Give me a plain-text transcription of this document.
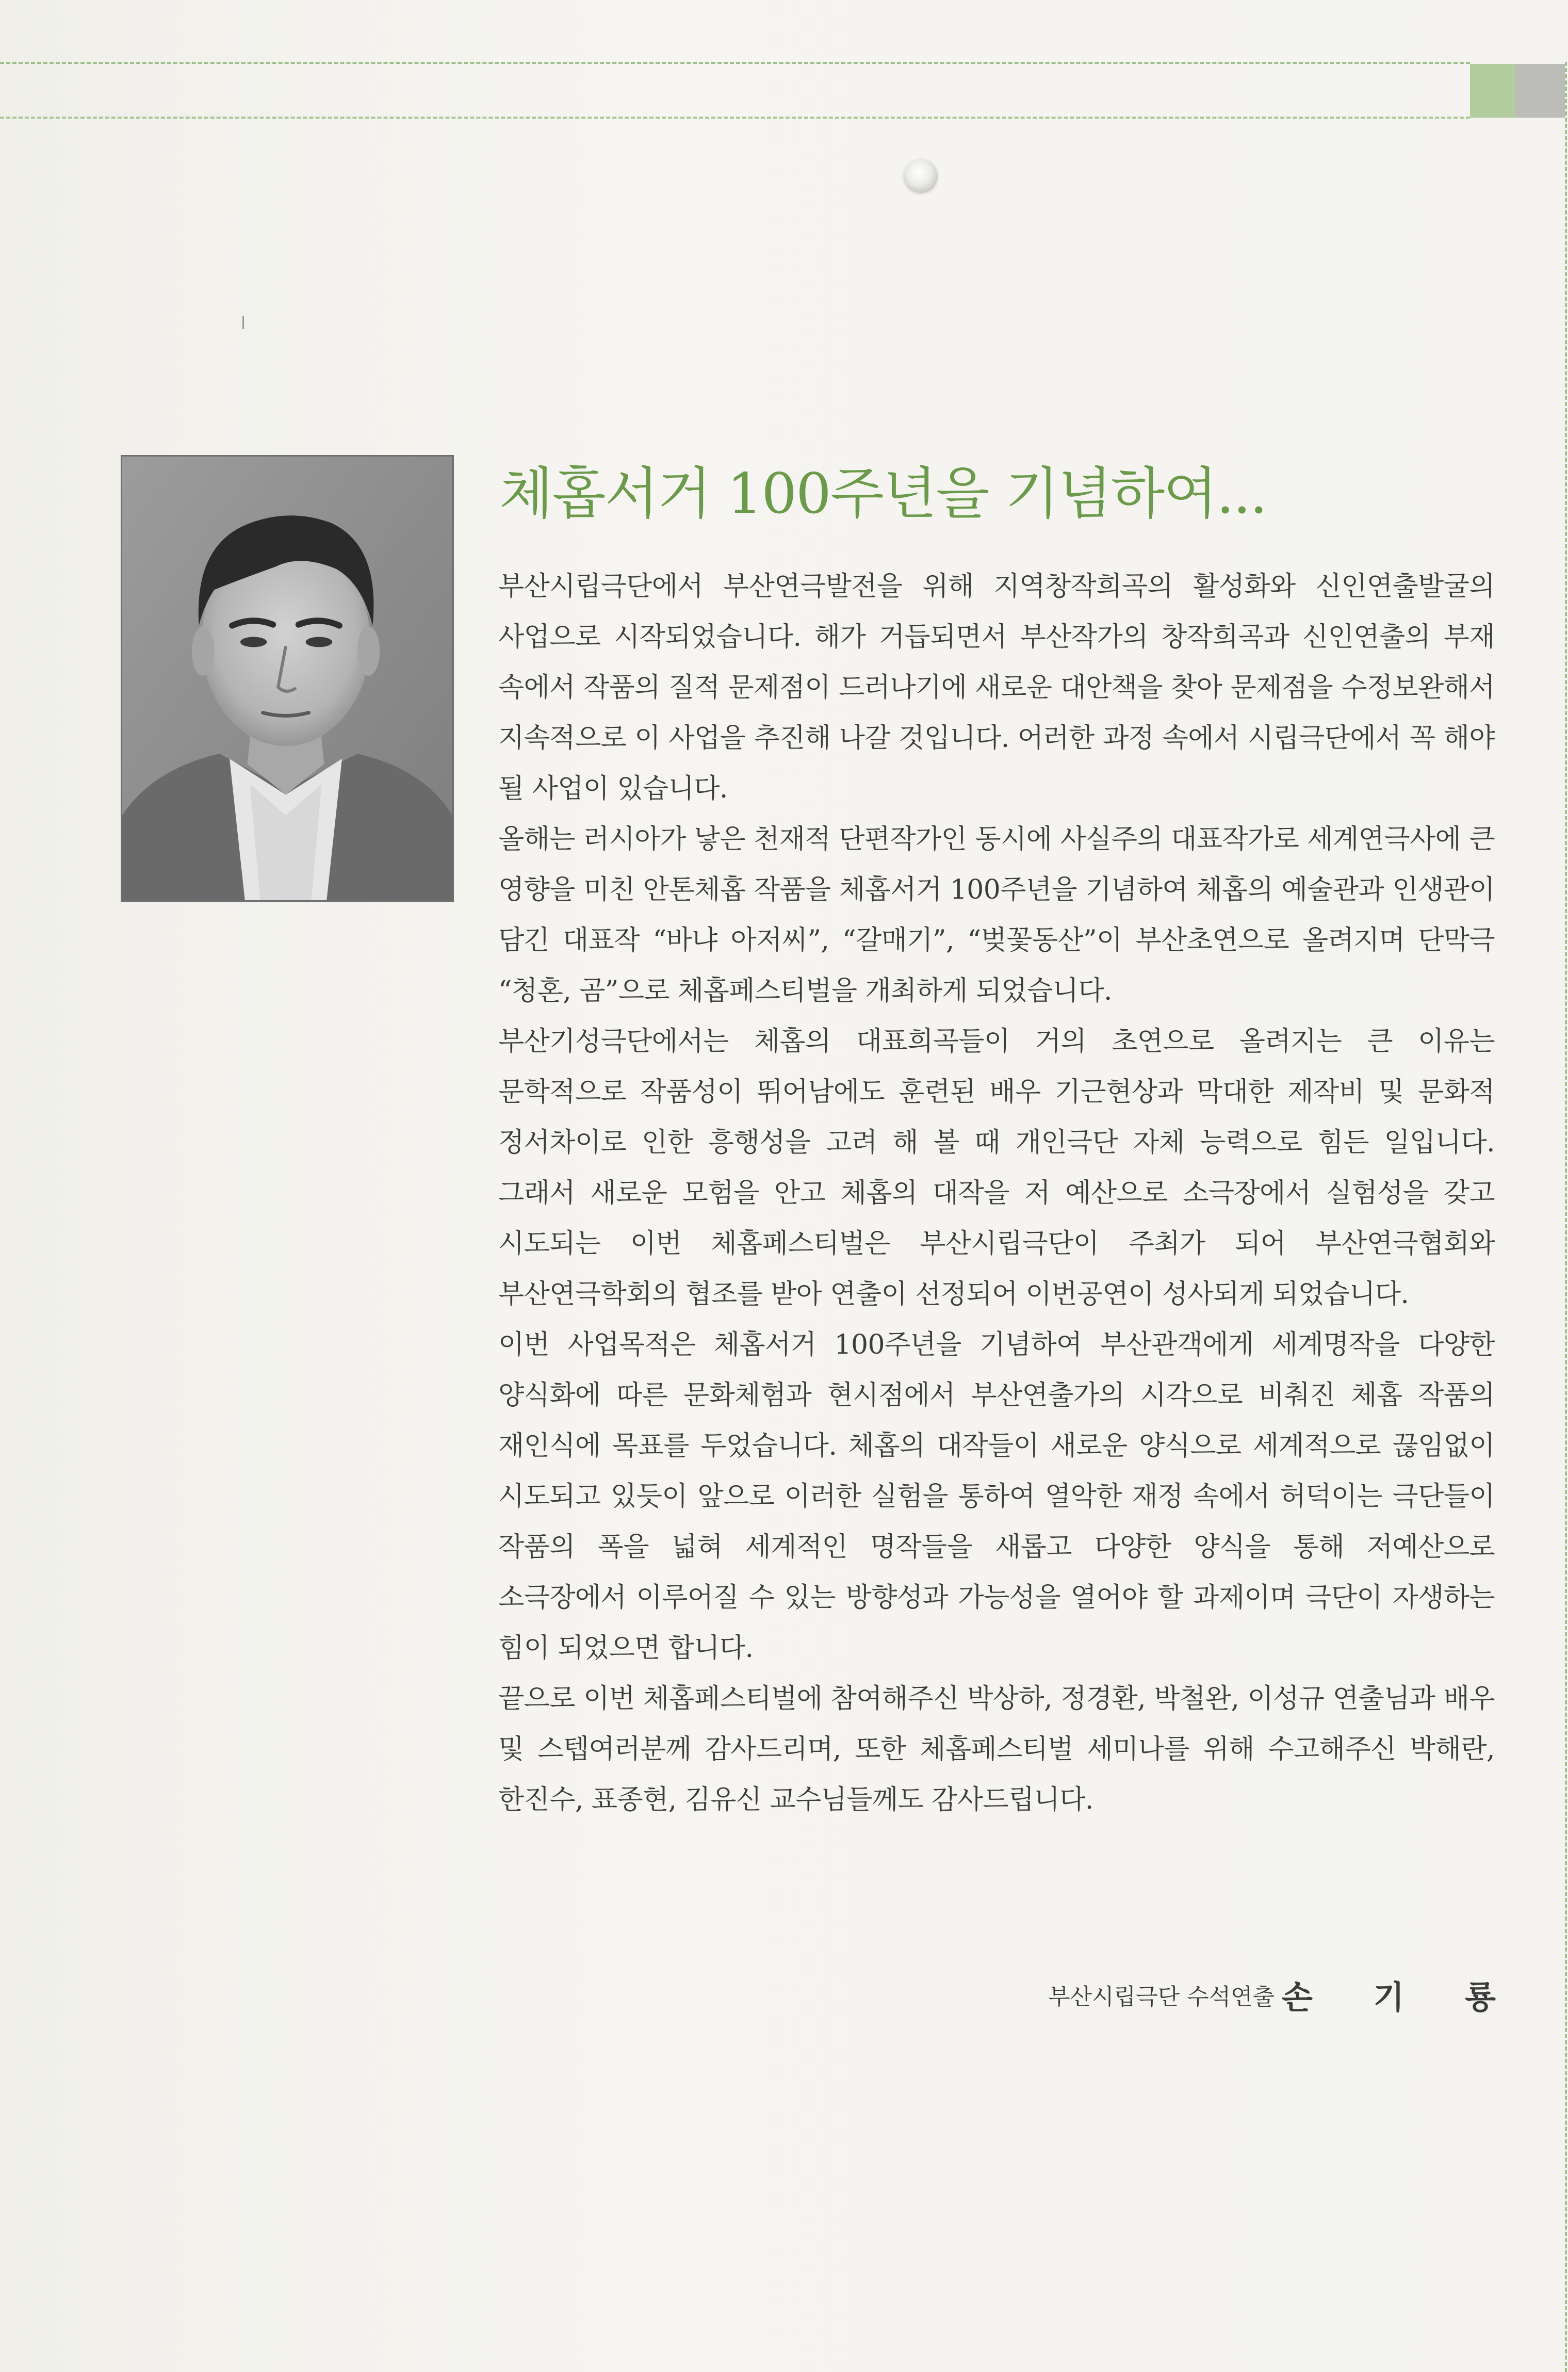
체홉서거 100주년을 기념하여...

부산시립극단에서 부산연극발전을 위해 지역창작희곡의 활성화와 신인연출발굴의 사업으로 시작되었습니다. 해가 거듭되면서 부산작가의 창작희곡과 신인연출의 부재 속에서 작품의 질적 문제점이 드러나기에 새로운 대안책을 찾아 문제점을 수정보완해서 지속적으로 이 사업을 추진해 나갈 것입니다. 어러한 과정 속에서 시립극단에서 꼭 해야 될 사업이 있습니다.

올해는 러시아가 낳은 천재적 단편작가인 동시에 사실주의 대표작가로 세계연극사에 큰 영향을 미친 안톤체홉 작품을 체홉서거 100주년을 기념하여 체홉의 예술관과 인생관이 담긴 대표작 “바냐 아저씨”, “갈매기”, “벚꽃동산”이 부산초연으로 올려지며 단막극 “청혼, 곰”으로 체홉페스티벌을 개최하게 되었습니다.

부산기성극단에서는 체홉의 대표희곡들이 거의 초연으로 올려지는 큰 이유는 문학적으로 작품성이 뛰어남에도 훈련된 배우 기근현상과 막대한 제작비 및 문화적 정서차이로 인한 흥행성을 고려 해 볼 때 개인극단 자체 능력으로 힘든 일입니다. 그래서 새로운 모험을 안고 체홉의 대작을 저 예산으로 소극장에서 실험성을 갖고 시도되는 이번 체홉페스티벌은 부산시립극단이 주최가 되어 부산연극협회와 부산연극학회의 협조를 받아 연출이 선정되어 이번공연이 성사되게 되었습니다.

이번 사업목적은 체홉서거 100주년을 기념하여 부산관객에게 세계명작을 다양한 양식화에 따른 문화체험과 현시점에서 부산연출가의 시각으로 비춰진 체홉 작품의 재인식에 목표를 두었습니다. 체홉의 대작들이 새로운 양식으로 세계적으로 끊임없이 시도되고 있듯이 앞으로 이러한 실험을 통하여 열악한 재정 속에서 허덕이는 극단들이 작품의 폭을 넓혀 세계적인 명작들을 새롭고 다양한 양식을 통해 저예산으로 소극장에서 이루어질 수 있는 방향성과 가능성을 열어야 할 과제이며 극단이 자생하는 힘이 되었으면 합니다.

끝으로 이번 체홉페스티벌에 참여해주신 박상하, 정경환, 박철완, 이성규 연출님과 배우 및 스텝여러분께 감사드리며, 또한 체홉페스티벌 세미나를 위해 수고해주신 박해란, 한진수, 표종현, 김유신 교수님들께도 감사드립니다.

부산시립극단 수석연출 손 기 룡
